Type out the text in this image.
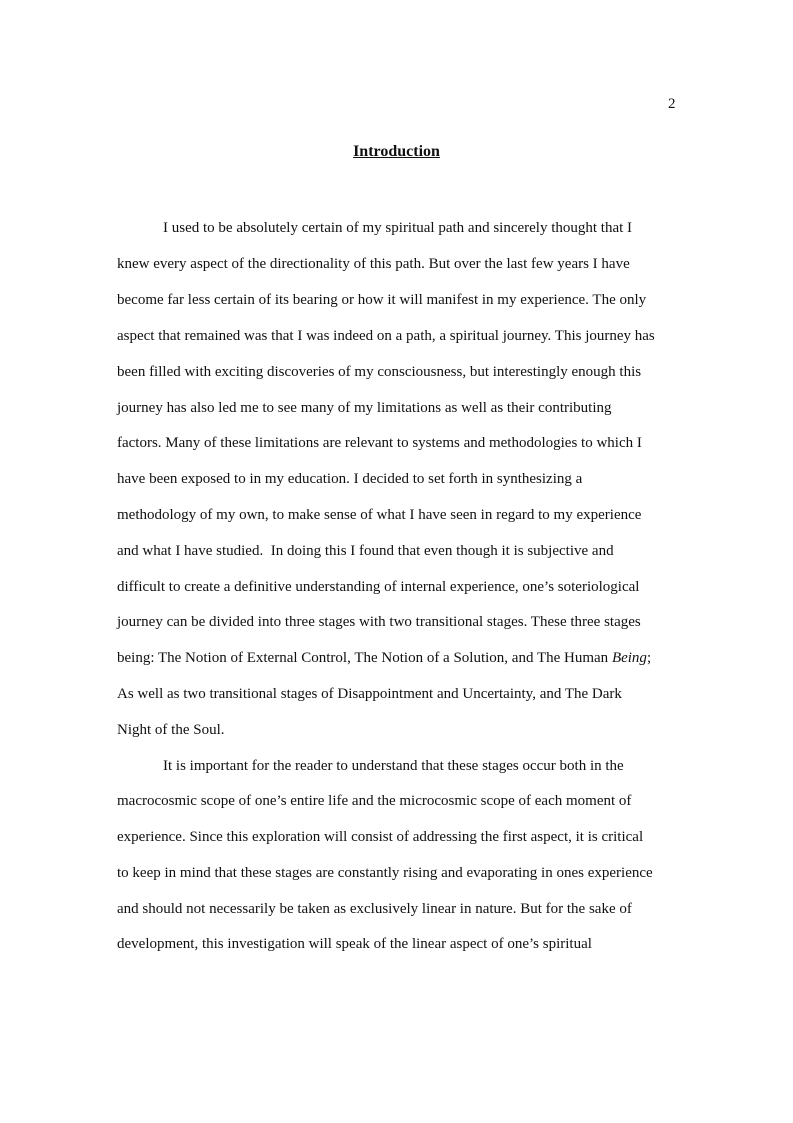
2
Introduction
I used to be absolutely certain of my spiritual path and sincerely thought that I
knew every aspect of the directionality of this path. But over the last few years I have
become far less certain of its bearing or how it will manifest in my experience. The only
aspect that remained was that I was indeed on a path, a spiritual journey. This journey has
been filled with exciting discoveries of my consciousness, but interestingly enough this
journey has also led me to see many of my limitations as well as their contributing
factors. Many of these limitations are relevant to systems and methodologies to which I
have been exposed to in my education. I decided to set forth in synthesizing a
methodology of my own, to make sense of what I have seen in regard to my experience
and what I have studied.  In doing this I found that even though it is subjective and
difficult to create a definitive understanding of internal experience, one’s soteriological
journey can be divided into three stages with two transitional stages. These three stages
being: The Notion of External Control, The Notion of a Solution, and The Human Being;
As well as two transitional stages of Disappointment and Uncertainty, and The Dark
Night of the Soul.
It is important for the reader to understand that these stages occur both in the
macrocosmic scope of one’s entire life and the microcosmic scope of each moment of
experience. Since this exploration will consist of addressing the first aspect, it is critical
to keep in mind that these stages are constantly rising and evaporating in ones experience
and should not necessarily be taken as exclusively linear in nature. But for the sake of
development, this investigation will speak of the linear aspect of one’s spiritual
